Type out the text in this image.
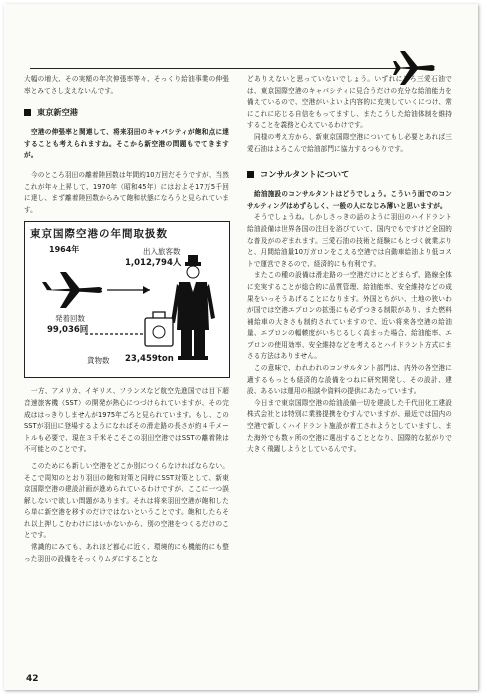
大幅の増大、その実額の年次伸張率等々、そっくり給油事業の伸張率とみてさし支えないんです。

東京新空港

空港の伸張率と関連して、将来羽田のキャパシティが飽和点に達することも考えられますね。そこから新空港の問題もでてきますが。

今のところ羽田の離着陸回数は年間約10万回だそうですが、当然これが年々上昇して、1970年（昭和45年）にはおよそ17万5千回に達し、まず離着陸回数からみて飽和状態になろうと見られています。

東京国際空港の年間取扱数
1964年	出入旅客数
1,012,794人
発着回数
99,036回
貨物数 23,459ton

一方、アメリカ、イギリス、フランスなど航空先進国では目下超音速旅客機（SST）の開発が熱心につづけられていますが、その完成ははっきりしませんが1975年ごろと見られています。もし、このSSTが羽田に登場するようになればその滑走路の長さが約４千メートルも必要で、現在３千米そこそこの羽田空港ではSSTの離着陸は不可能とのことです。

このためにも新しい空港をどこか別につくらなければならない。そこで周知のとおり羽田の飽和対策と同時にSST対策として、新東京国際空港の建設計画が進められているわけですが、ここに一つ誤解しないで欲しい問題があります。それは将来羽田空港が飽和したら単に新空港を移すのだけではないということです。飽和したらそれ以上押しこむわけにはいかないから、別の空港をつくるだけのことです。

常識的にみても、あれほど都心に近く、環境的にも機能的にも整った羽田の設備をそっくりムダにすることな

どありえないと思っていないでしょう。いずれにしろ三愛石油では、東京国際空港のキャパシティに見合うだけの充分な給油能力を備えているので、空港がいよいよ内容的に充実していくにつけ、常にこれに応じる自信をもってますし、またこうした給油体制を維持することを義務と心えているわけです。

同様の考え方から、新東京国際空港についてもし必要とあれば三愛石油はよろこんで給油部門に協力するつもりです。

コンサルタントについて

給油施設のコンサルタントはどうでしょう。こういう面でのコンサルティングはめずらしく、一般の人になじみ薄いと思いますが。

そうでしょうね。しかしさっきの話のように羽田のハイドラント給油設備は世界各国の注目を浴びていて、国内でもですけど全国的な普及がのぞまれます。三愛石油の技術と経験にもとづく就業ぶりと、月間給油量10万ガロンをこえる空港では自動車給油より低コストで運営できるので、経済的にも有利です。

またこの種の設備は滑走路の一空港だけにとどまらず、路線全体に充実することが総合的に品質管理、給油能率、安全維持などの成果をいっそうあげることになります。外国とちがい、土地の狭いわが国では空港エプロンの拡張にも必ずつきる制限があり、また燃料補給車の大きさも制約されていますので、近い将来各空港の給油量、エプロンの輻輳度がいちじるしく高まった場合、給油能率、エプロンの使用効率、安全維持などを考えるとハイドラント方式にまさる方法はありません。

この意味で、われわれのコンサルタント部門は、内外の各空港に適するもっとも経済的な設備をつねに研究開発し、その設計、建設、あるいは運用の相談や資料の提供にあたっています。

今日まで東京国際空港の給油設備一切を建設した千代田化工建設株式会社とは特別に業務提携をむすんでいますが、最近では国内の空港で新しくハイドラント施設が着工されようとしていますし、また海外でも数ヶ所の空港に選出することとなり、国際的な拡がりで大きく飛躍しようとしているんです。

42
